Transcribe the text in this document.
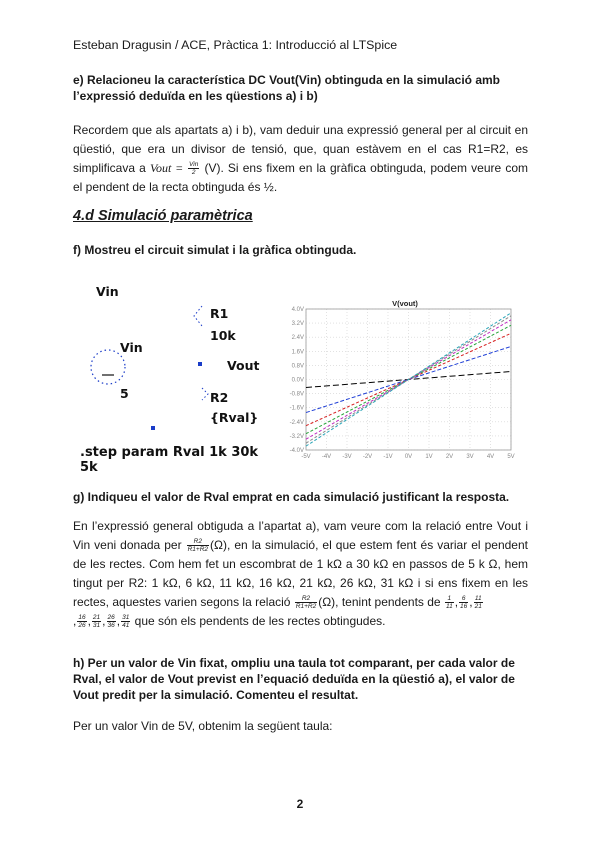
Esteban Dragusin / ACE, Pràctica 1: Introducció al LTSpice
e) Relacioneu la característica DC Vout(Vin) obtinguda en la simulació amb l’expressió deduïda en les qüestions a) i b)
Recordem que als apartats a) i b), vam deduir una expressió general per al circuit en qüestió, que era un divisor de tensió, que, quan estàvem en el cas R1=R2, es simplificava a Vout = $\frac{\text{Vin}}{2} (V)$. Si ens fixem en la gràfica obtinguda, podem veure com el pendent de la recta obtinguda és ½.
4.d Simulació paramètrica
f) Mostreu el circuit simulat i la gràfica obtinguda.
Vin
R1
10k
Vin
Vout
5	R2
{Rval}
.step param Rval 1k 30k 5k
V(vout)
-5V -4V -3V -2V -1V 0V 1V 2V 3V 4V 5V
4.0V
3.2V
2.4V
1.6V
0.8V
0.0V
-0.8V
-1.6V
-2.4V
-3.2V
-4.0V
g) Indiqueu el valor de Rval emprat en cada simulació justificant la resposta.
En l’expressió general obtiguda a l’apartat a), vam veure com la relació entre Vout i Vin veni donada per $\frac{R2}{R1+R2} (\Omega)$, en la simulació, el que estem fent és variar el pendent de les rectes. Com hem fet un escombrat de 1 kΩ a 30 kΩ en passos de 5 k Ω, hem tingut per R2: 1 kΩ, 6 kΩ, 11 kΩ, 16 kΩ, 21 kΩ, 26 kΩ, 31 kΩ i si ens fixem en les rectes, aquestes varien segons la relació $\frac{R2}{R1+R2} (\Omega)$, tenint pendents de $\frac{1}{11}$ , $\frac{6}{16}$ , $\frac{11}{21}$

, $\frac{16}{26}$ , $\frac{21}{31}$ , $\frac{26}{36}$ , $\frac{31}{41}$ que són els pendents de les rectes obtingudes.
h) Per un valor de Vin fixat, ompliu una taula tot comparant, per cada valor de Rval, el valor de Vout previst en l’equació deduïda en la qüestió a), el valor de Vout predit per la simulació. Comenteu el resultat.
Per un valor Vin de 5V, obtenim la següent taula:
2
